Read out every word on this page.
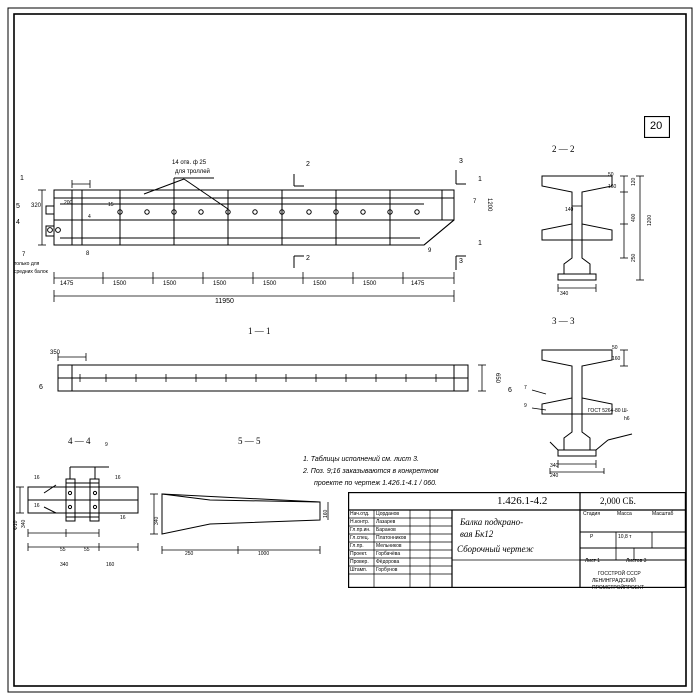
20
14 отв. ф 25
для троллей
2
2
3
3
1
1
1
5
4
7
только для
средних балок
8	9
7 1200
320	200	15
4
1475	1500	1500	1500	1500	1500	1500	1475
11950
1 — 1
350
650
6	6
4 — 4	9
16
16
16
16
340
Ф10
55	55
340	160
5 — 5
340
160
250	1000
2 — 2
120
400
250
1200
50
140
340
160
3 — 3
50
160
340
240
7
9
ГОСТ 5264-80 Ш-
h6
1. Таблицы исполнений см. лист 3.
2. Поз. 9;16 заказываются в конкретном
проекте по чертеж 1.426.1-4.1 / 060.
1.426.1-4.2	2,000 СБ.
Нач.отд. Цорданов
Н.контр. Лазарев
Гл.пр.ин. Баранов
Гл.спец. Платонников
Гл.пр. Мельников
Проект. Горбачёва
Провер. Фёдорова
Штамп. Горбунов
Балка подкрано-
вая Бк12
Сборочный чертеж
Стадия	Масса	Масштаб
Р	10,8 т
Лист 1	Листов 3
ГОССТРОЙ СССР
ЛЕНИНГРАДСКИЙ
ПРОМСТРОЙПРОЕКТ
